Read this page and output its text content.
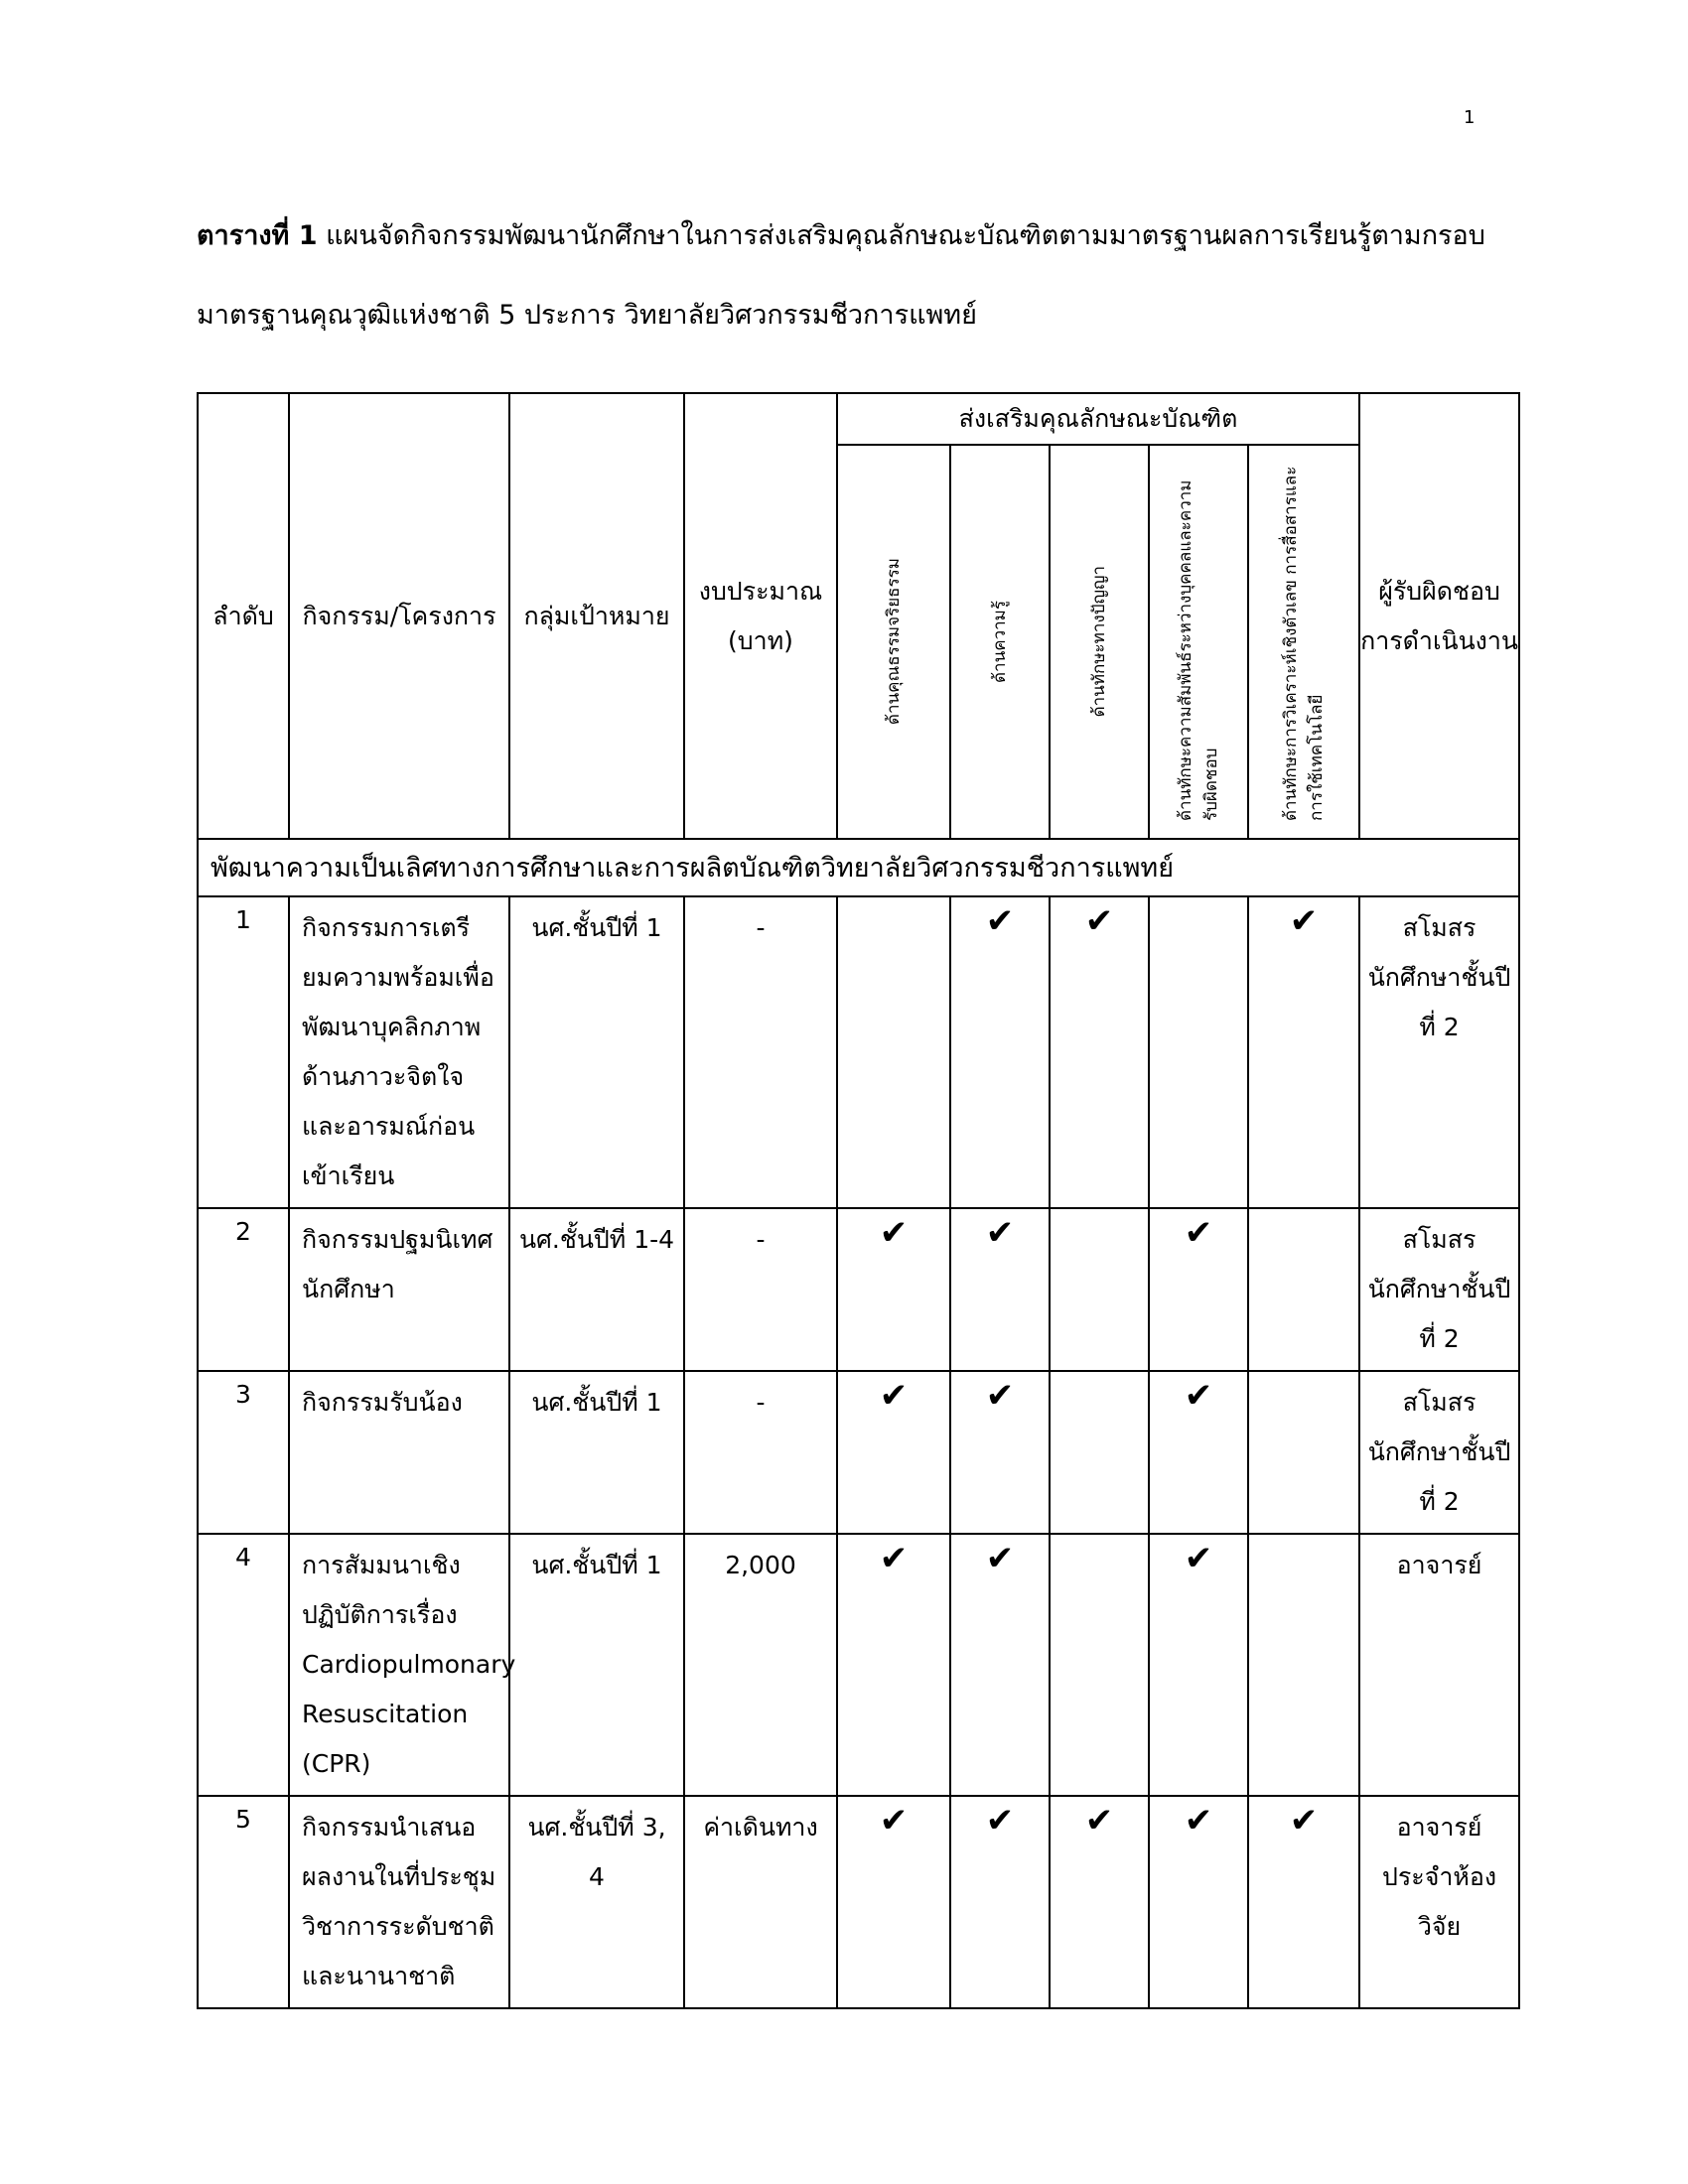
1
ตารางที่ 1 แผนจัดกิจกรรมพัฒนานักศึกษาในการส่งเสริมคุณลักษณะบัณฑิตตามมาตรฐานผลการเรียนรู้ตามกรอบมาตรฐานคุณวุฒิแห่งชาติ 5 ประการ วิทยาลัยวิศวกรรมชีวการแพทย์
ลำดับ	กิจกรรม/โครงการ	กลุ่มเป้าหมาย	งบประมาณ (บาท)	ส่งเสริมคุณลักษณะบัณฑิต					ผู้รับผิดชอบการดำเนินงาน

				ด้านคุณธรรมจริยธรรม	ด้านความรู้	ด้านทักษะทางปัญญา	ด้านทักษะความสัมพันธ์ระหว่างบุคคลและความรับผิดชอบ	ด้านทักษะการวิเคราะห์เชิงตัวเลข การสื่อสารและการใช้เทคโนโลยี	

พัฒนาความเป็นเลิศทางการศึกษาและการผลิตบัณฑิตวิทยาลัยวิศวกรรมชีวการแพทย์									
1	กิจกรรมการเตรียมความพร้อมเพื่อพัฒนาบุคลิกภาพด้านภาวะจิตใจและอารมณ์ก่อนเข้าเรียน	นศ.ชั้นปีที่ 1	-		✔	✔		✔	สโมสรนักศึกษาชั้นปีที่ 2
2	กิจกรรมปฐมนิเทศนักศึกษา	นศ.ชั้นปีที่ 1-4	-	✔	✔		✔		สโมสรนักศึกษาชั้นปีที่ 2
3	กิจกรรมรับน้อง	นศ.ชั้นปีที่ 1	-	✔	✔		✔		สโมสรนักศึกษาชั้นปีที่ 2
4	การสัมมนาเชิงปฏิบัติการเรื่อง Cardiopulmonary Resuscitation (CPR)	นศ.ชั้นปีที่ 1	2,000	✔	✔		✔		อาจารย์
5	กิจกรรมนำเสนอผลงานในที่ประชุมวิชาการระดับชาติและนานาชาติ	นศ.ชั้นปีที่ 3, 4	ค่าเดินทาง	✔	✔	✔	✔	✔	อาจารย์ประจำห้องวิจัย
